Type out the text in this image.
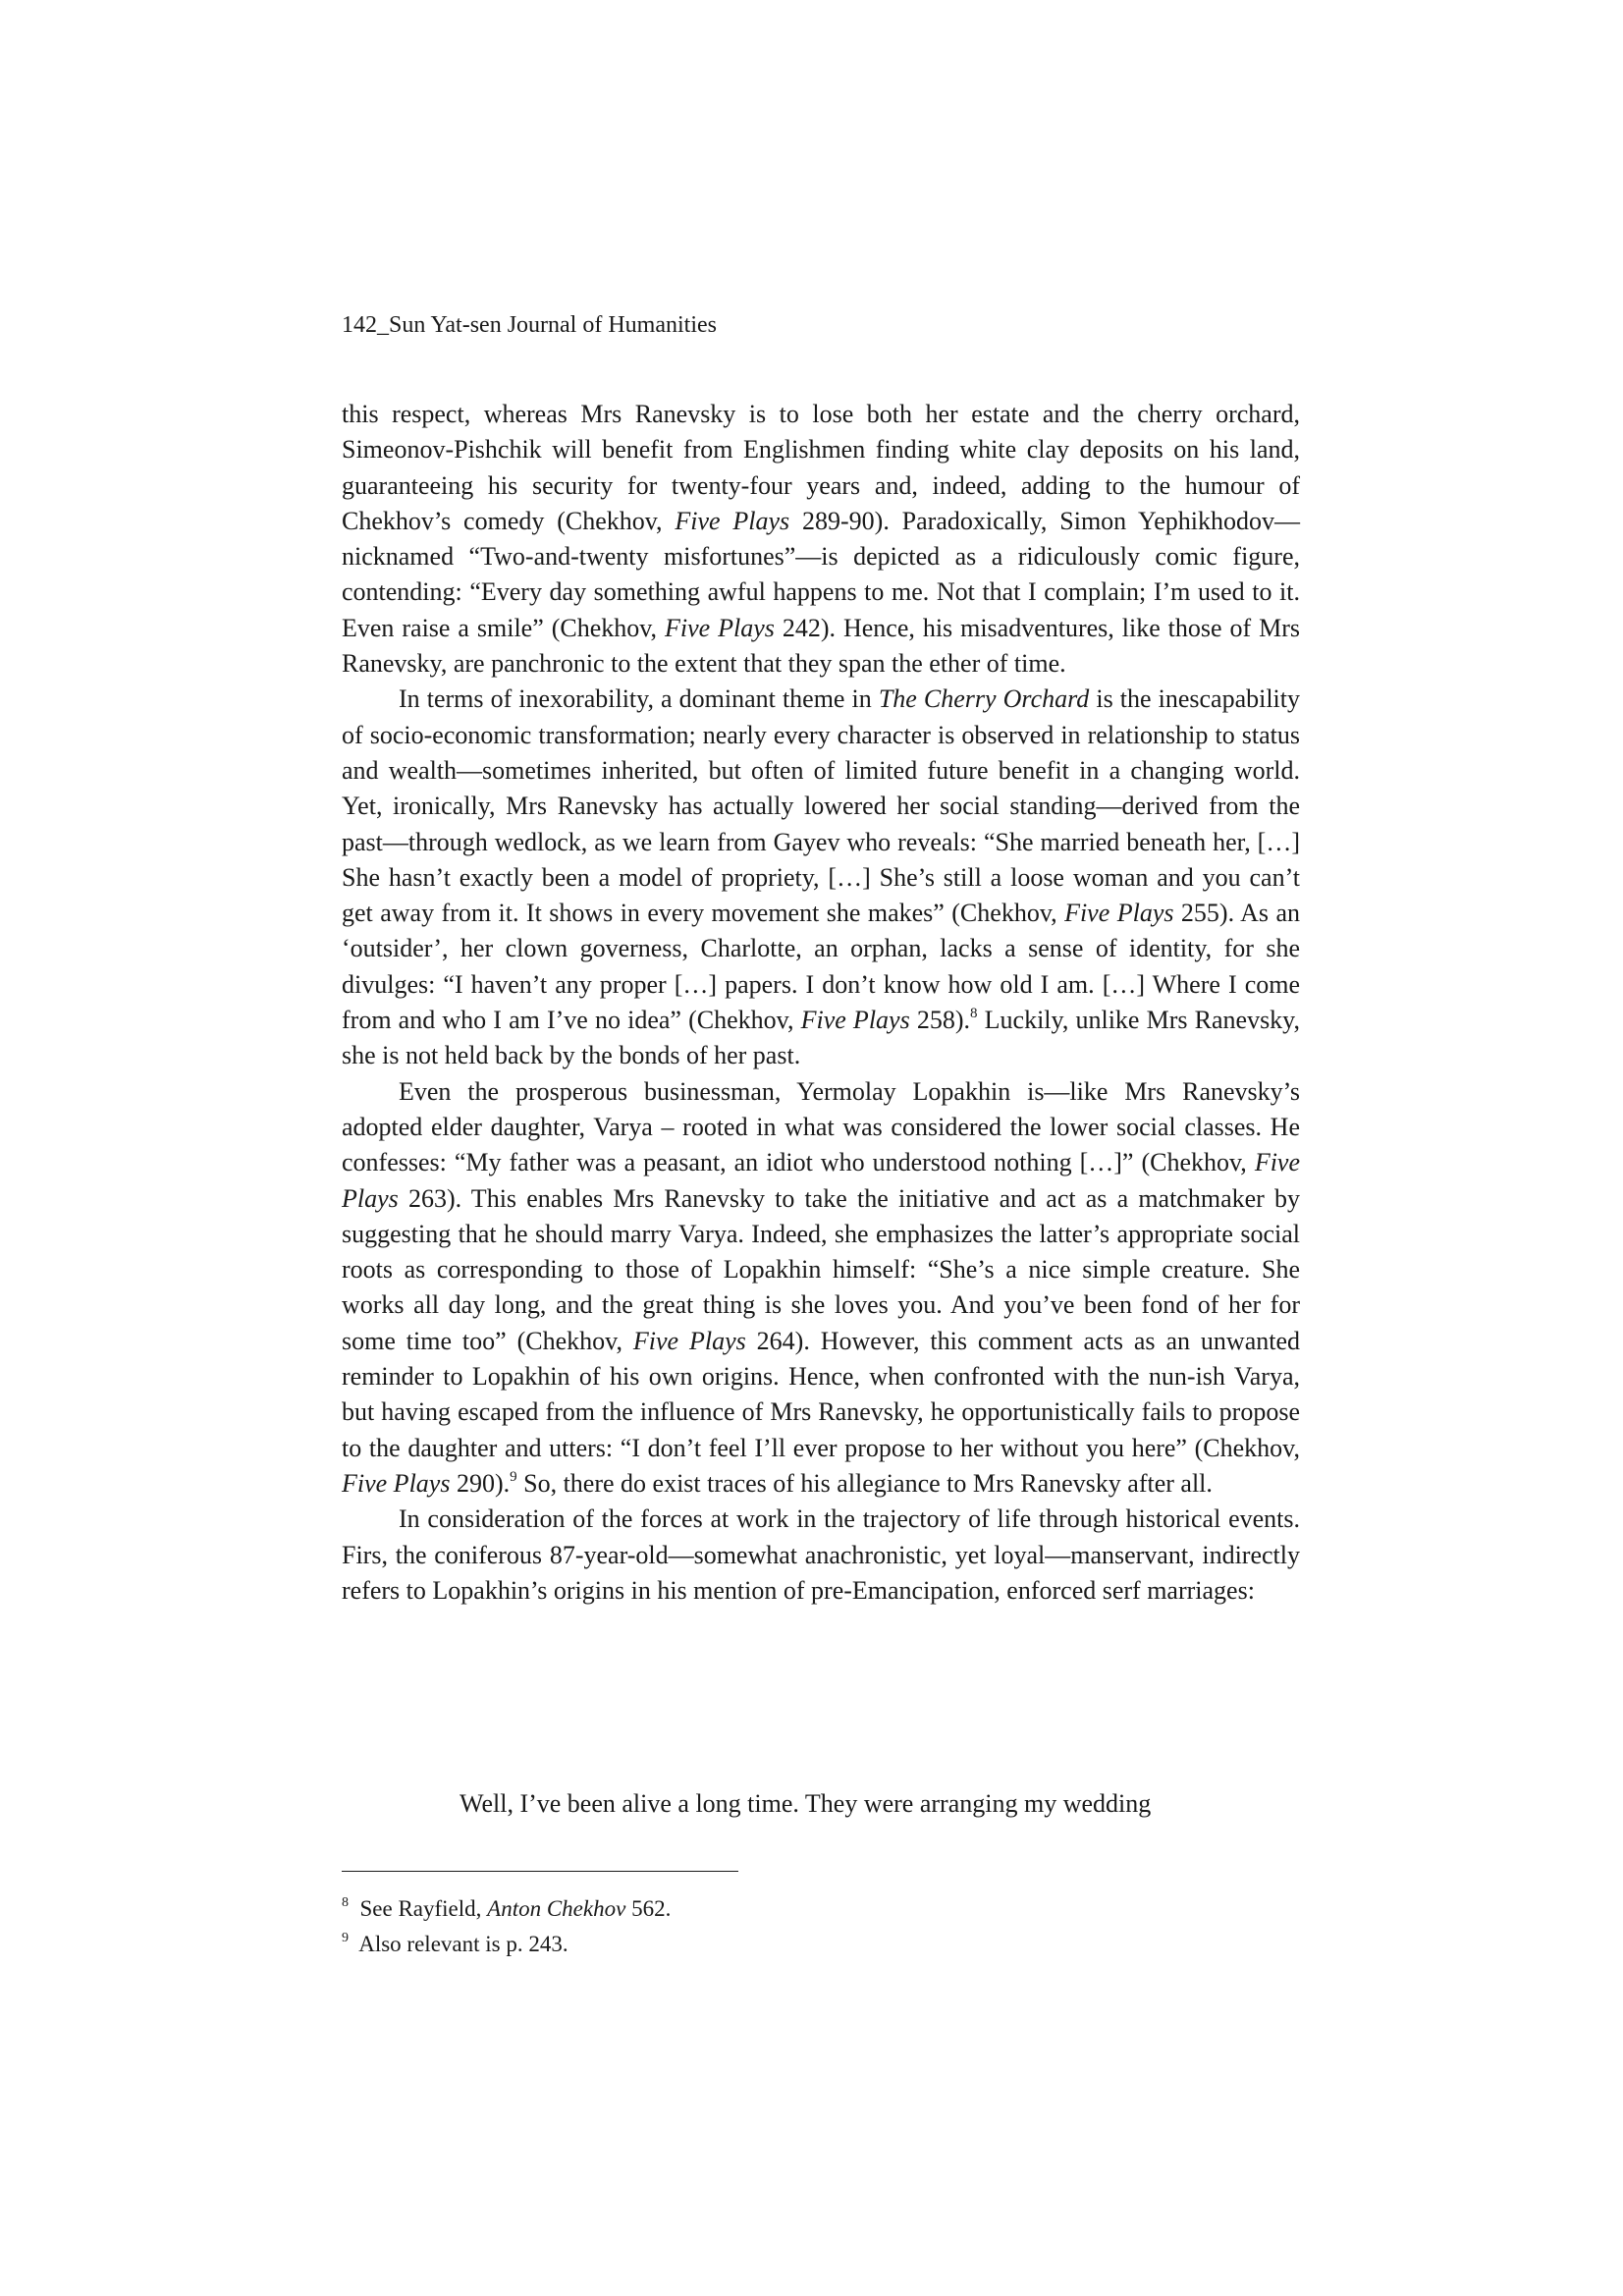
142_Sun Yat-sen Journal of Humanities

this respect, whereas Mrs Ranevsky is to lose both her estate and the cherry orchard, Simeonov-Pishchik will benefit from Englishmen finding white clay deposits on his land, guaranteeing his security for twenty-four years and, indeed, adding to the humour of Chekhov’s comedy (Chekhov, Five Plays 289-90). Paradoxically, Simon Yephikhodov—nicknamed “Two-and-twenty misfortunes”—is depicted as a ridiculously comic figure, contending: “Every day something awful happens to me. Not that I complain; I’m used to it. Even raise a smile” (Chekhov, Five Plays 242). Hence, his misadventures, like those of Mrs Ranevsky, are panchronic to the extent that they span the ether of time.

In terms of inexorability, a dominant theme in The Cherry Orchard is the inescapability of socio-economic transformation; nearly every character is observed in relationship to status and wealth—sometimes inherited, but often of limited future benefit in a changing world. Yet, ironically, Mrs Ranevsky has actually lowered her social standing—derived from the past—through wedlock, as we learn from Gayev who reveals: “She married beneath her, […] She hasn’t exactly been a model of propriety, […] She’s still a loose woman and you can’t get away from it. It shows in every movement she makes” (Chekhov, Five Plays 255). As an ‘outsider’, her clown governess, Charlotte, an orphan, lacks a sense of identity, for she divulges: “I haven’t any proper […] papers. I don’t know how old I am. […] Where I come from and who I am I’ve no idea” (Chekhov, Five Plays 258).$^8$ Luckily, unlike Mrs Ranevsky, she is not held back by the bonds of her past.

Even the prosperous businessman, Yermolay Lopakhin is—like Mrs Ranevsky’s adopted elder daughter, Varya – rooted in what was considered the lower social classes. He confesses: “My father was a peasant, an idiot who understood nothing […]” (Chekhov, Five Plays 263). This enables Mrs Ranevsky to take the initiative and act as a matchmaker by suggesting that he should marry Varya. Indeed, she emphasizes the latter’s appropriate social roots as corresponding to those of Lopakhin himself: “She’s a nice simple creature. She works all day long, and the great thing is she loves you. And you’ve been fond of her for some time too” (Chekhov, Five Plays 264). However, this comment acts as an unwanted reminder to Lopakhin of his own origins. Hence, when confronted with the nun-ish Varya, but having escaped from the influence of Mrs Ranevsky, he opportunistically fails to propose to the daughter and utters: “I don’t feel I’ll ever propose to her without you here” (Chekhov, Five Plays 290).$^9$ So, there do exist traces of his allegiance to Mrs Ranevsky after all.

In consideration of the forces at work in the trajectory of life through historical events. Firs, the coniferous 87-year-old—somewhat anachronistic, yet loyal—manservant, indirectly refers to Lopakhin’s origins in his mention of pre-Emancipation, enforced serf marriages:

Well, I’ve been alive a long time. They were arranging my wedding

$^8$ See Rayfield, Anton Chekhov 562.

$^9$ Also relevant is p. 243.
